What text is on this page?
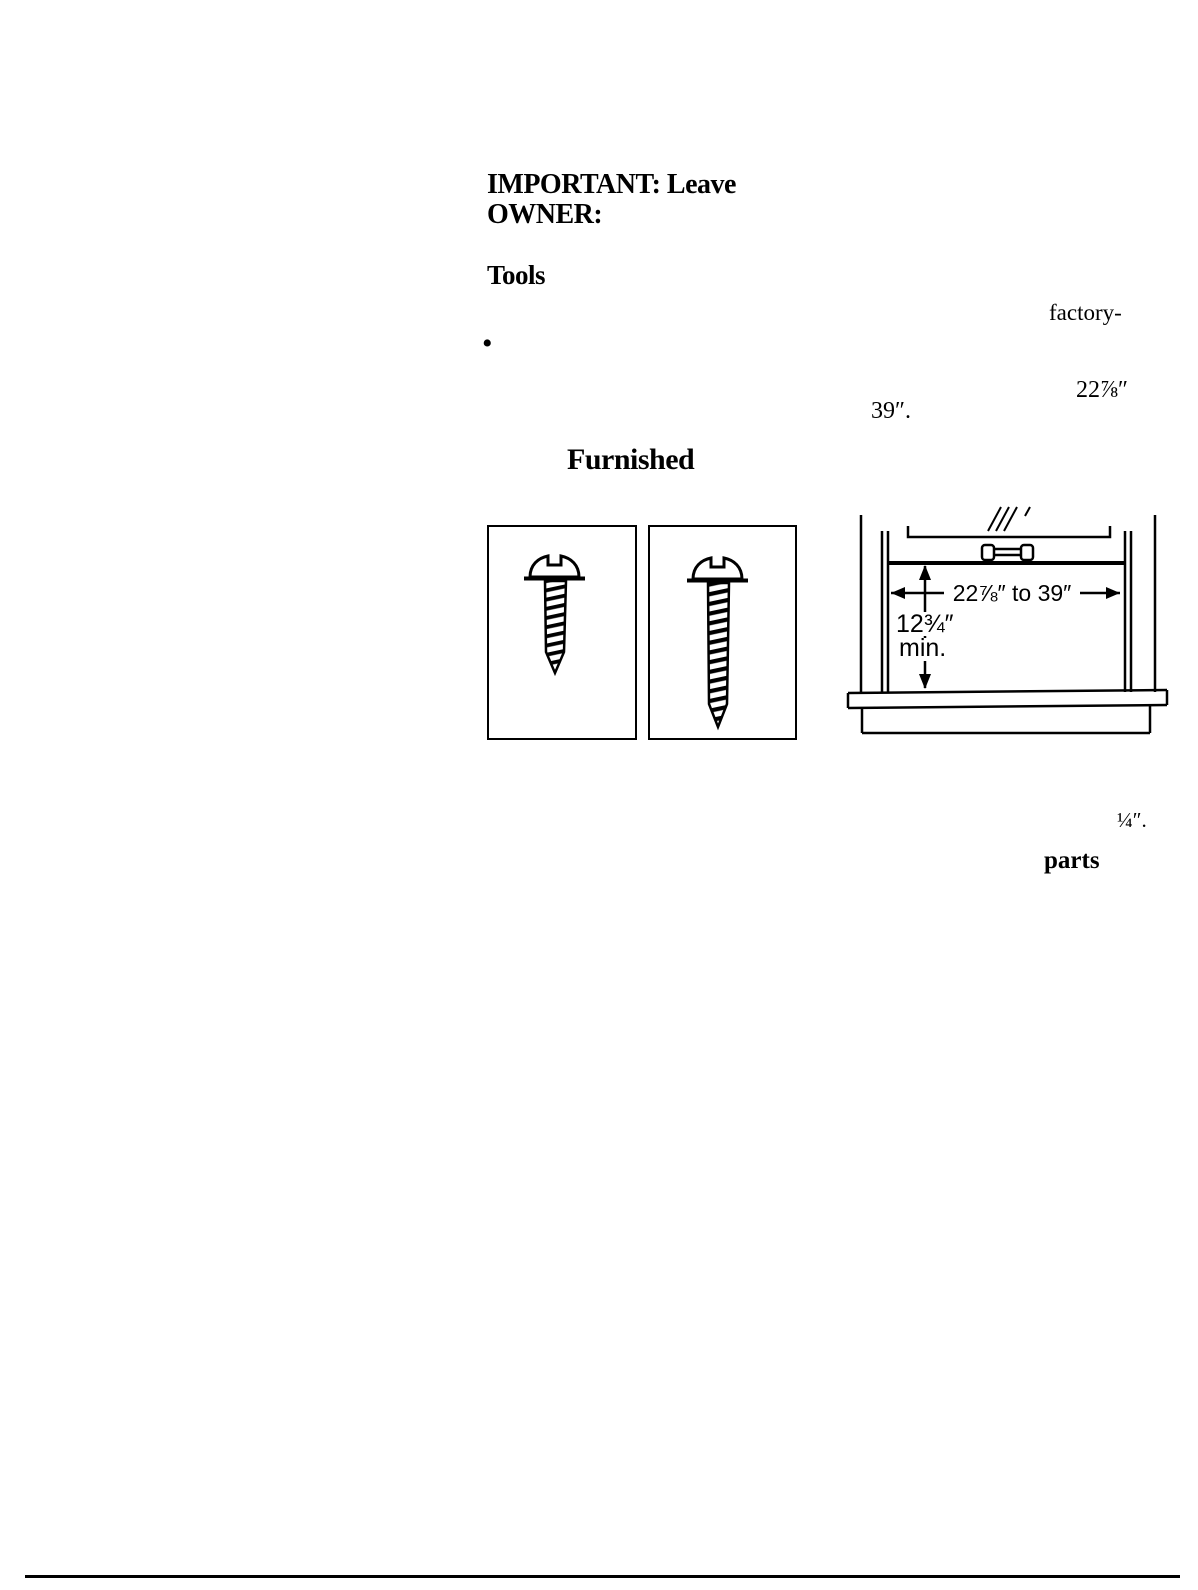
IMPORTANT: Leave
OWNER:
Tools
factory-
•
22⅞″
39″.
Furnished
22⅞″ to 39″
12¾″
min.
¼″.
parts
